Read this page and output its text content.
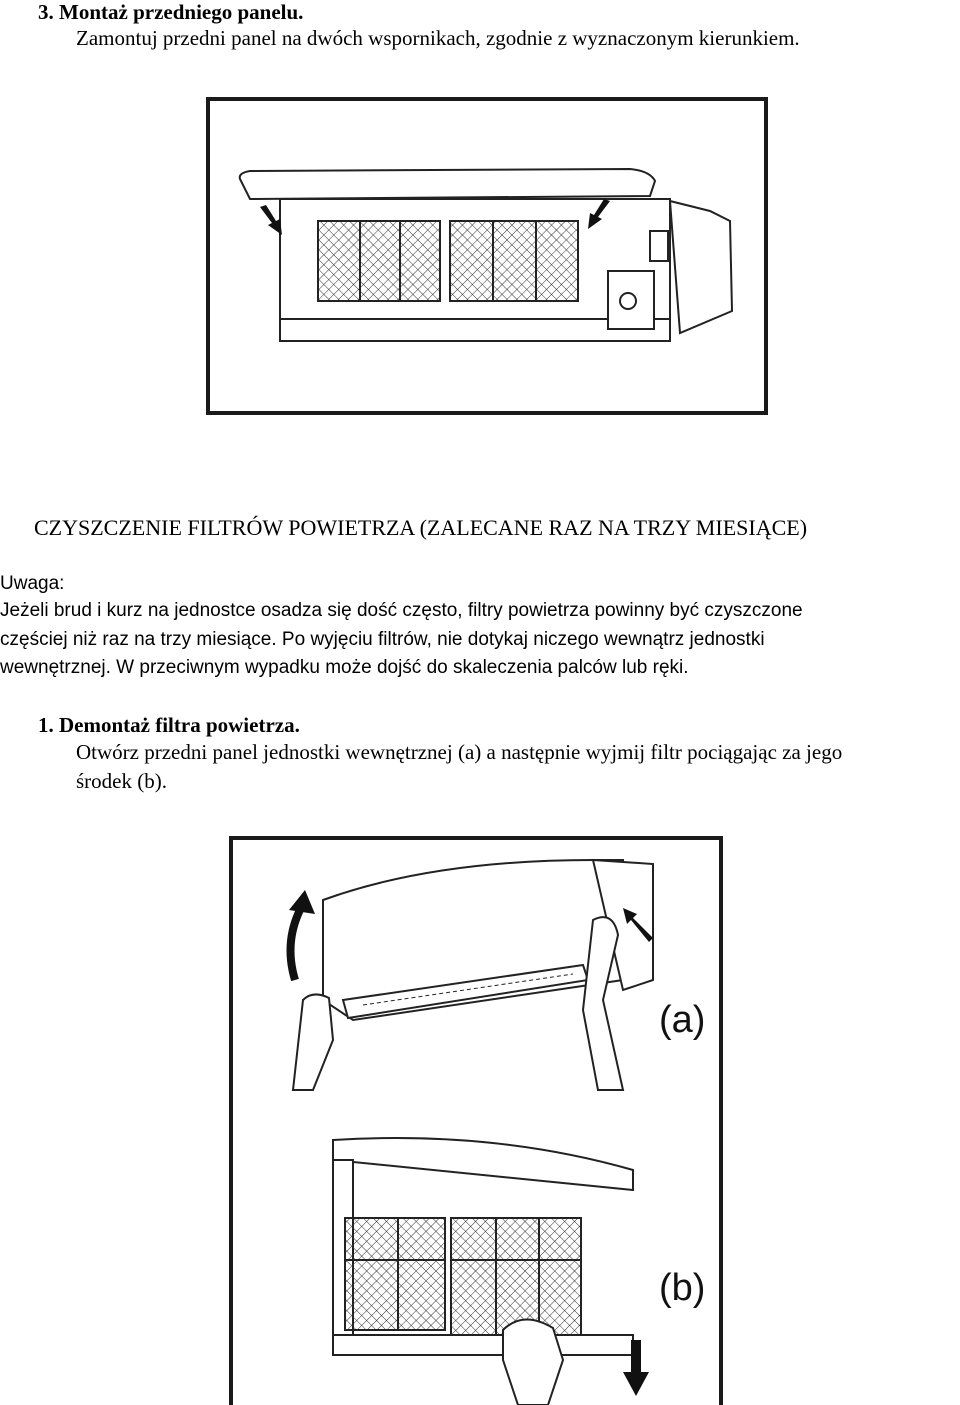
3. Montaż przedniego panelu.

Zamontuj przedni panel na dwóch wspornikach, zgodnie z wyznaczonym kierunkiem.

CZYSZCZENIE FILTRÓW POWIETRZA (ZALECANE RAZ NA TRZY MIESIĄCE)

Uwaga:

Jeżeli brud i kurz na jednostce osadza się dość często, filtry powietrza powinny być czyszczone

częściej niż raz na trzy miesiące. Po wyjęciu filtrów, nie dotykaj niczego wewnątrz jednostki

wewnętrznej. W przeciwnym wypadku może dojść do skaleczenia palców lub ręki.

1. Demontaż filtra powietrza.

Otwórz przedni panel jednostki wewnętrznej (a) a następnie wyjmij filtr pociągając za jego

środek (b).

(a)
(b)
